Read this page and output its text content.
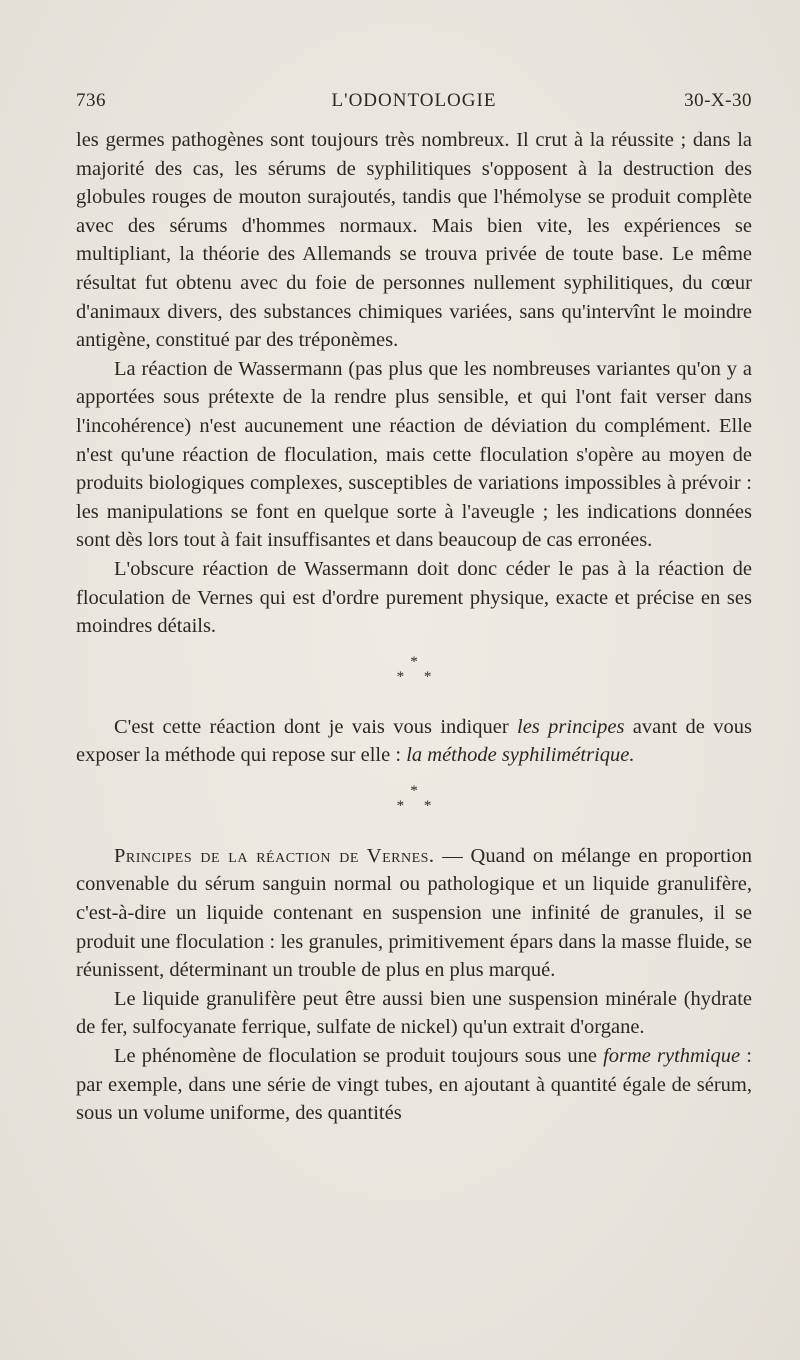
736	L'ODONTOLOGIE	30-X-30

les germes pathogènes sont toujours très nombreux. Il crut à la réussite ; dans la majorité des cas, les sérums de syphilitiques s'opposent à la destruction des globules rouges de mouton surajoutés, tandis que l'hémolyse se produit complète avec des sérums d'hommes normaux. Mais bien vite, les expériences se multipliant, la théorie des Allemands se trouva privée de toute base. Le même résultat fut obtenu avec du foie de personnes nullement syphilitiques, du cœur d'animaux divers, des substances chimiques variées, sans qu'intervînt le moindre antigène, constitué par des tréponèmes.

La réaction de Wassermann (pas plus que les nombreuses variantes qu'on y a apportées sous prétexte de la rendre plus sensible, et qui l'ont fait verser dans l'incohérence) n'est aucunement une réaction de déviation du complément. Elle n'est qu'une réaction de floculation, mais cette floculation s'opère au moyen de produits biologiques complexes, susceptibles de variations impossibles à prévoir : les manipulations se font en quelque sorte à l'aveugle ; les indications données sont dès lors tout à fait insuffisantes et dans beaucoup de cas erronées.

L'obscure réaction de Wassermann doit donc céder le pas à la réaction de floculation de Vernes qui est d'ordre purement physique, exacte et précise en ses moindres détails.

*
* *

C'est cette réaction dont je vais vous indiquer les principes avant de vous exposer la méthode qui repose sur elle : la méthode syphilimétrique.

*
* *

Principes de la réaction de Vernes. — Quand on mélange en proportion convenable du sérum sanguin normal ou pathologique et un liquide granulifère, c'est-à-dire un liquide contenant en suspension une infinité de granules, il se produit une floculation : les granules, primitivement épars dans la masse fluide, se réunissent, déterminant un trouble de plus en plus marqué.

Le liquide granulifère peut être aussi bien une suspension minérale (hydrate de fer, sulfocyanate ferrique, sulfate de nickel) qu'un extrait d'organe.

Le phénomène de floculation se produit toujours sous une forme rythmique : par exemple, dans une série de vingt tubes, en ajoutant à quantité égale de sérum, sous un volume uniforme, des quantités
